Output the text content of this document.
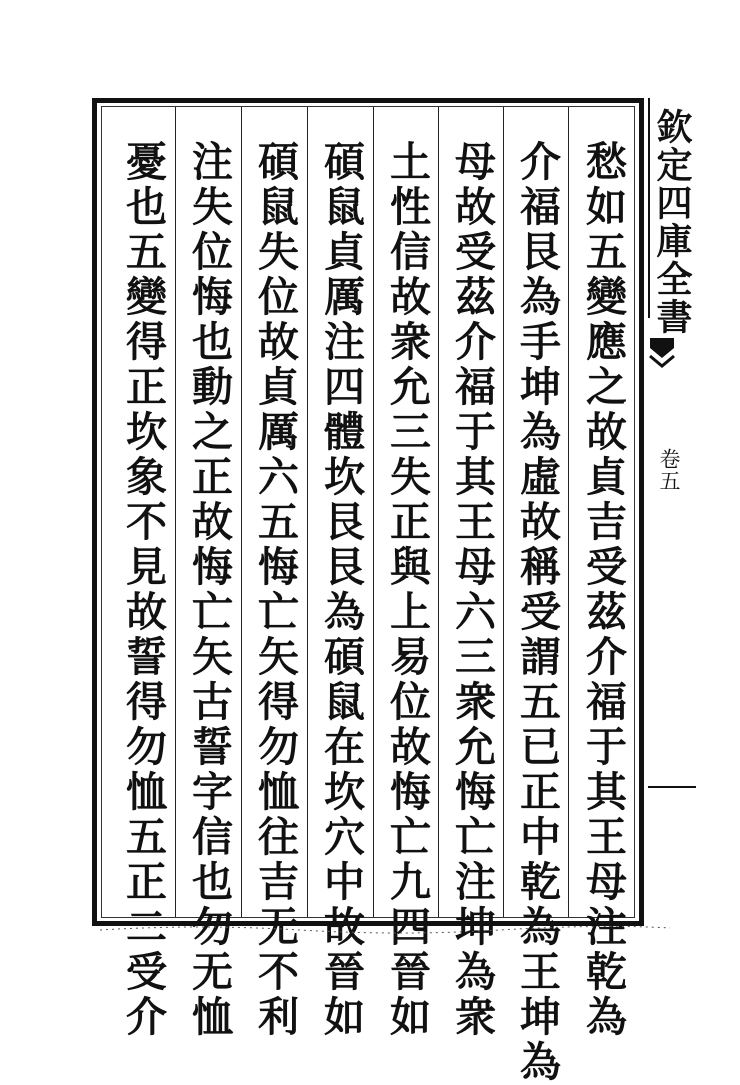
愁如五變應之故貞吉受茲介福于其王母注乾為
介福艮為手坤為虛故稱受謂五已正中乾為王坤為
母故受茲介福于其王母六三衆允悔亡注坤為衆
土性信故衆允三失正與上易位故悔亡九四晉如
碩鼠貞厲注四體坎艮艮為碩鼠在坎穴中故晉如
碩鼠失位故貞厲六五悔亡矢得勿恤往吉无不利
注失位悔也動之正故悔亡矢古誓字信也勿无恤
憂也五變得正坎象不見故誓得勿恤五正二受介	欽定四庫全書
卷五
